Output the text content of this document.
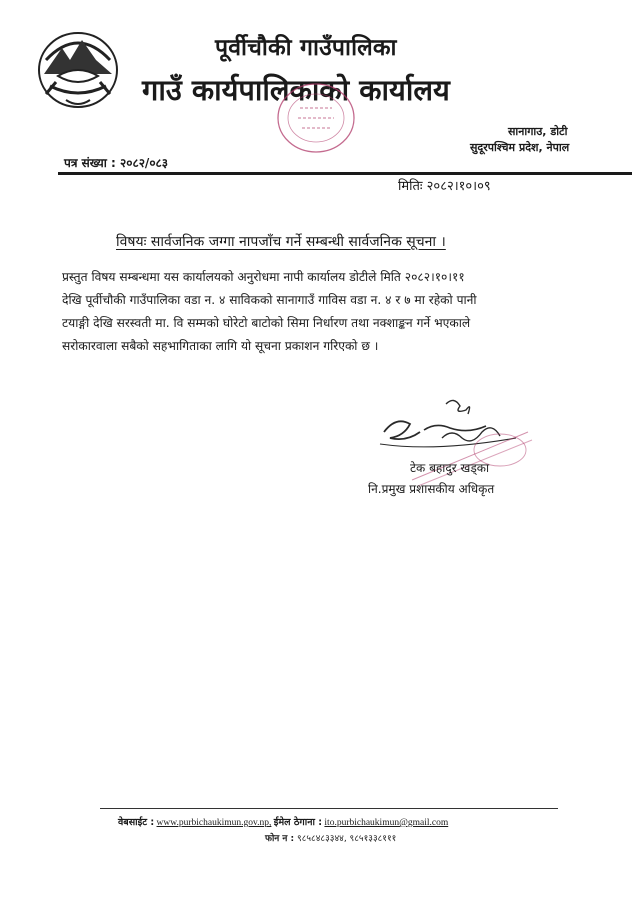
पूर्वीचौकी गाउँपालिका
गाउँ कार्यपालिकाको कार्यालय
सानागाउ, डोटी
सुदूरपश्चिम प्रदेश, नेपाल
पत्र संख्या : २०८२/०८३
मितिः २०८२।१०।०९
विषयः सार्वजनिक जग्गा नापजाँच गर्ने सम्बन्धी सार्वजनिक सूचना ।
प्रस्तुत विषय सम्बन्धमा यस कार्यालयको अनुरोधमा नापी कार्यालय डोटीले मिति २०८२।१०।११
देखि पूर्वीचौकी गाउँपालिका वडा न. ४ साविकको सानागाउँ गाविस वडा न. ४ र ७ मा रहेको पानी
टयाङ्गी देखि सरस्वती मा. वि सम्मको घोरेटो बाटोको सिमा निर्धारण तथा नक्शाङ्कन गर्ने भएकाले
सरोकारवाला सबैको सहभागिताका लागि यो सूचना प्रकाशन गरिएको छ ।
टेक बहादुर खड्का
नि.प्रमुख प्रशासकीय अधिकृत
वेबसाईट : www.purbichaukimun.gov.np, ईमेल ठेगाना : ito.purbichaukimun@gmail.com
फोन न : ९८५८४८३३४४, ९८५१३३८१११
